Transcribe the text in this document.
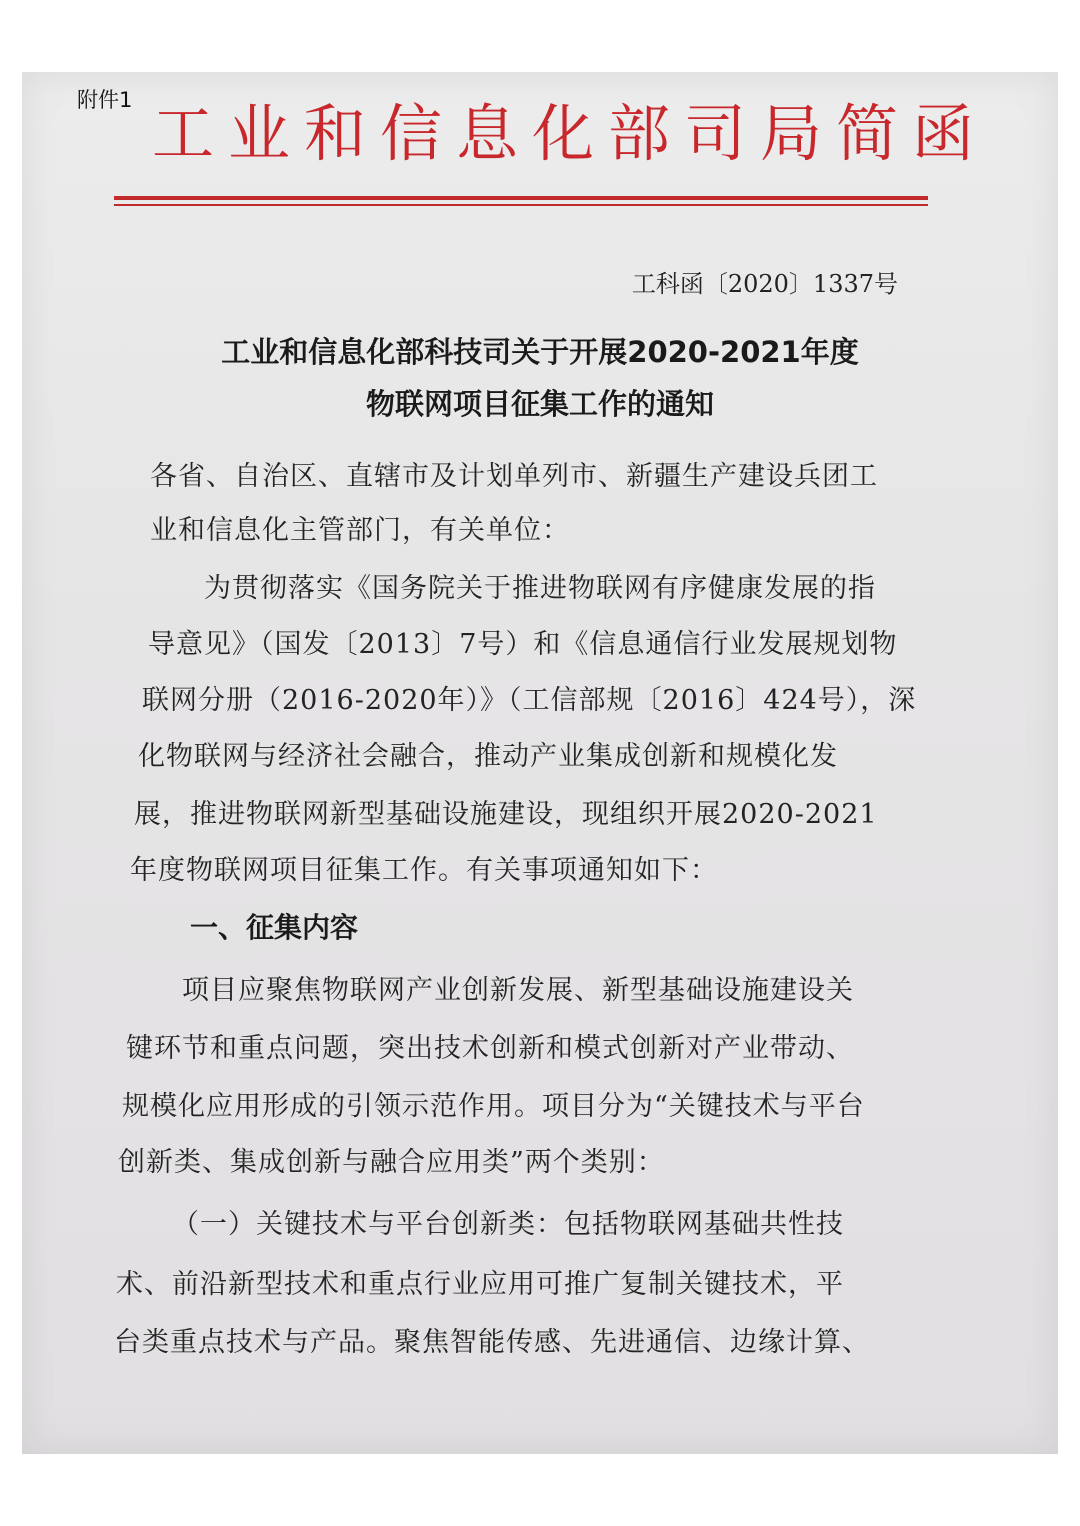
附件1 工业和信息化部司局简函
工科函〔2020〕1337号
工业和信息化部科技司关于开展2020-2021年度
物联网项目征集工作的通知
各省、自治区、直辖市及计划单列市、新疆生产建设兵团工
业和信息化主管部门，有关单位：
为贯彻落实《国务院关于推进物联网有序健康发展的指
导意见》（国发〔2013〕7号）和《信息通信行业发展规划物
联网分册（2016-2020年）》（工信部规〔2016〕424号），深
化物联网与经济社会融合，推动产业集成创新和规模化发
展，推进物联网新型基础设施建设，现组织开展2020-2021
年度物联网项目征集工作。有关事项通知如下：
一、征集内容
项目应聚焦物联网产业创新发展、新型基础设施建设关
键环节和重点问题，突出技术创新和模式创新对产业带动、
规模化应用形成的引领示范作用。项目分为“关键技术与平台
创新类、集成创新与融合应用类”两个类别：
（一）关键技术与平台创新类：包括物联网基础共性技
术、前沿新型技术和重点行业应用可推广复制关键技术，平
台类重点技术与产品。聚焦智能传感、先进通信、边缘计算、
